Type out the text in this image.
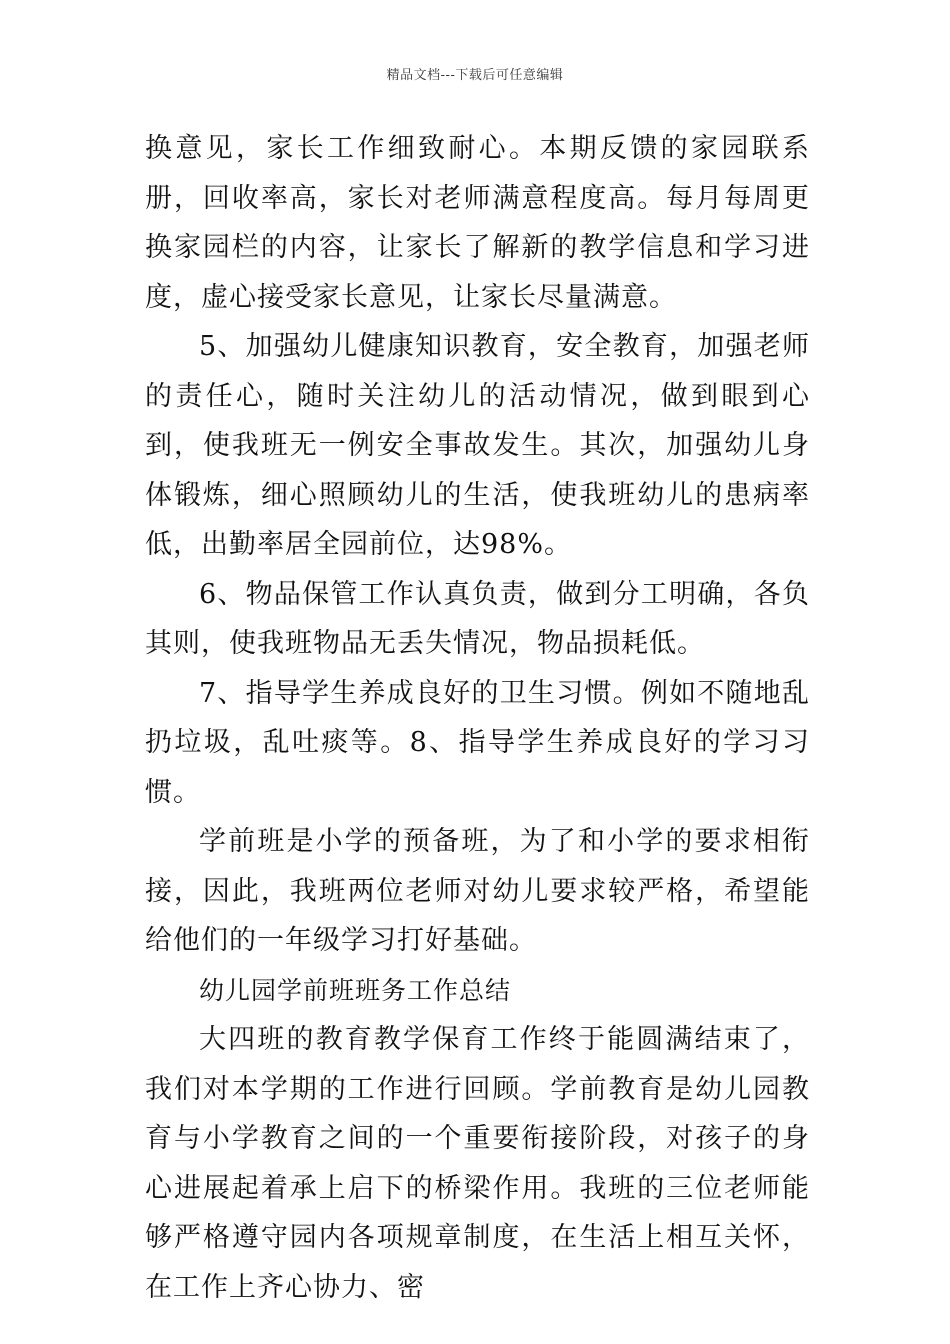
精品文档---下载后可任意编辑

换意见，家长工作细致耐心。本期反馈的家园联系册，回收率高，家长对老师满意程度高。每月每周更换家园栏的内容，让家长了解新的教学信息和学习进度，虚心接受家长意见，让家长尽量满意。

5、加强幼儿健康知识教育，安全教育，加强老师的责任心，随时关注幼儿的活动情况，做到眼到心到，使我班无一例安全事故发生。其次，加强幼儿身体锻炼，细心照顾幼儿的生活，使我班幼儿的患病率低，出勤率居全园前位，达98%。

6、物品保管工作认真负责，做到分工明确，各负其则，使我班物品无丢失情况，物品损耗低。

7、指导学生养成良好的卫生习惯。例如不随地乱扔垃圾，乱吐痰等。8、指导学生养成良好的学习习惯。

学前班是小学的预备班，为了和小学的要求相衔接，因此，我班两位老师对幼儿要求较严格，希望能给他们的一年级学习打好基础。

幼儿园学前班班务工作总结

大四班的教育教学保育工作终于能圆满结束了，我们对本学期的工作进行回顾。学前教育是幼儿园教育与小学教育之间的一个重要衔接阶段，对孩子的身心进展起着承上启下的桥梁作用。我班的三位老师能够严格遵守园内各项规章制度，在生活上相互关怀，在工作上齐心协力、密
